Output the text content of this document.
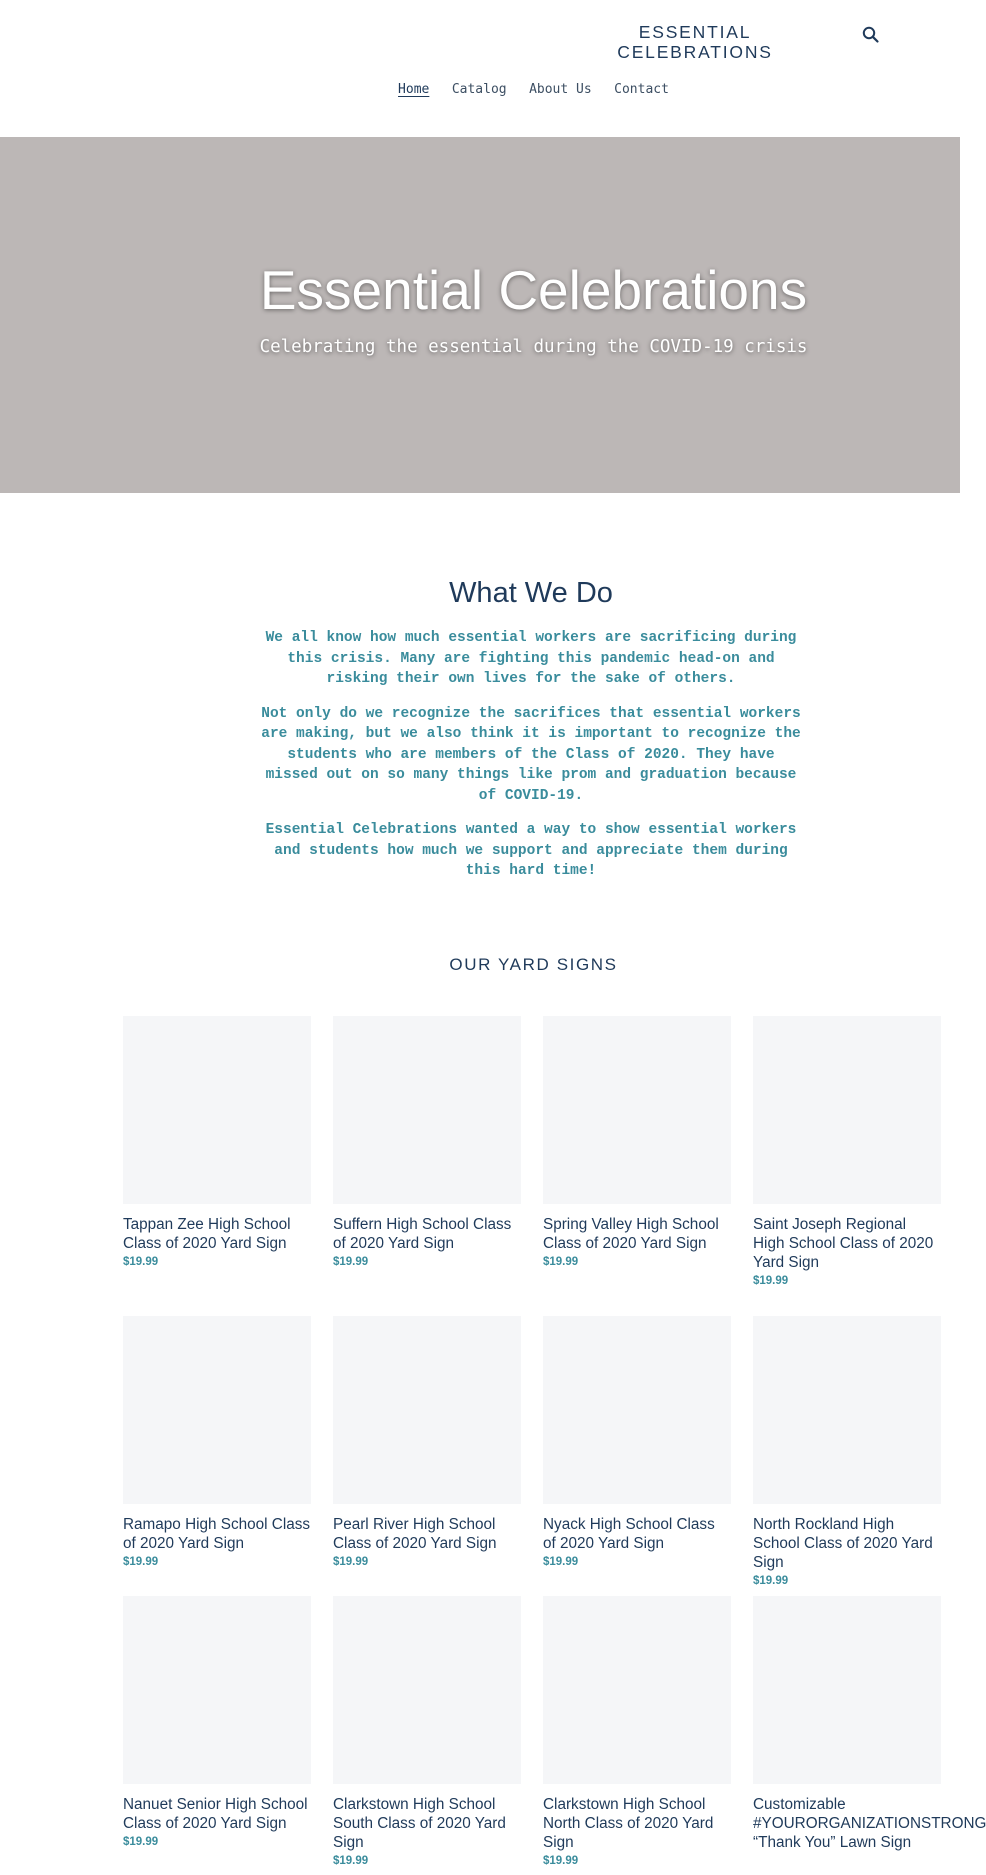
ESSENTIAL CELEBRATIONS
Home Catalog About Us Contact
Essential Celebrations

Celebrating the essential during the COVID-19 crisis

What We Do

We all know how much essential workers are sacrificing during this crisis. Many are fighting this pandemic head-on and risking their own lives for the sake of others.

Not only do we recognize the sacrifices that essential workers are making, but we also think it is important to recognize the students who are members of the Class of 2020. They have missed out on so many things like prom and graduation because of COVID-19.

Essential Celebrations wanted a way to show essential workers and students how much we support and appreciate them during this hard time!

OUR YARD SIGNS
Tappan Zee High School Class of 2020 Yard Sign
$19.99
Suffern High School Class of 2020 Yard Sign
$19.99
Spring Valley High School Class of 2020 Yard Sign
$19.99
Saint Joseph Regional High School Class of 2020 Yard Sign
$19.99
Ramapo High School Class of 2020 Yard Sign
$19.99
Pearl River High School Class of 2020 Yard Sign
$19.99
Nyack High School Class of 2020 Yard Sign
$19.99
North Rockland High School Class of 2020 Yard Sign
$19.99
Nanuet Senior High School Class of 2020 Yard Sign
$19.99
Clarkstown High School South Class of 2020 Yard Sign
$19.99
Clarkstown High School North Class of 2020 Yard Sign
$19.99
Customizable #YOURORGANIZATIONSTRONG “Thank You” Lawn Sign
